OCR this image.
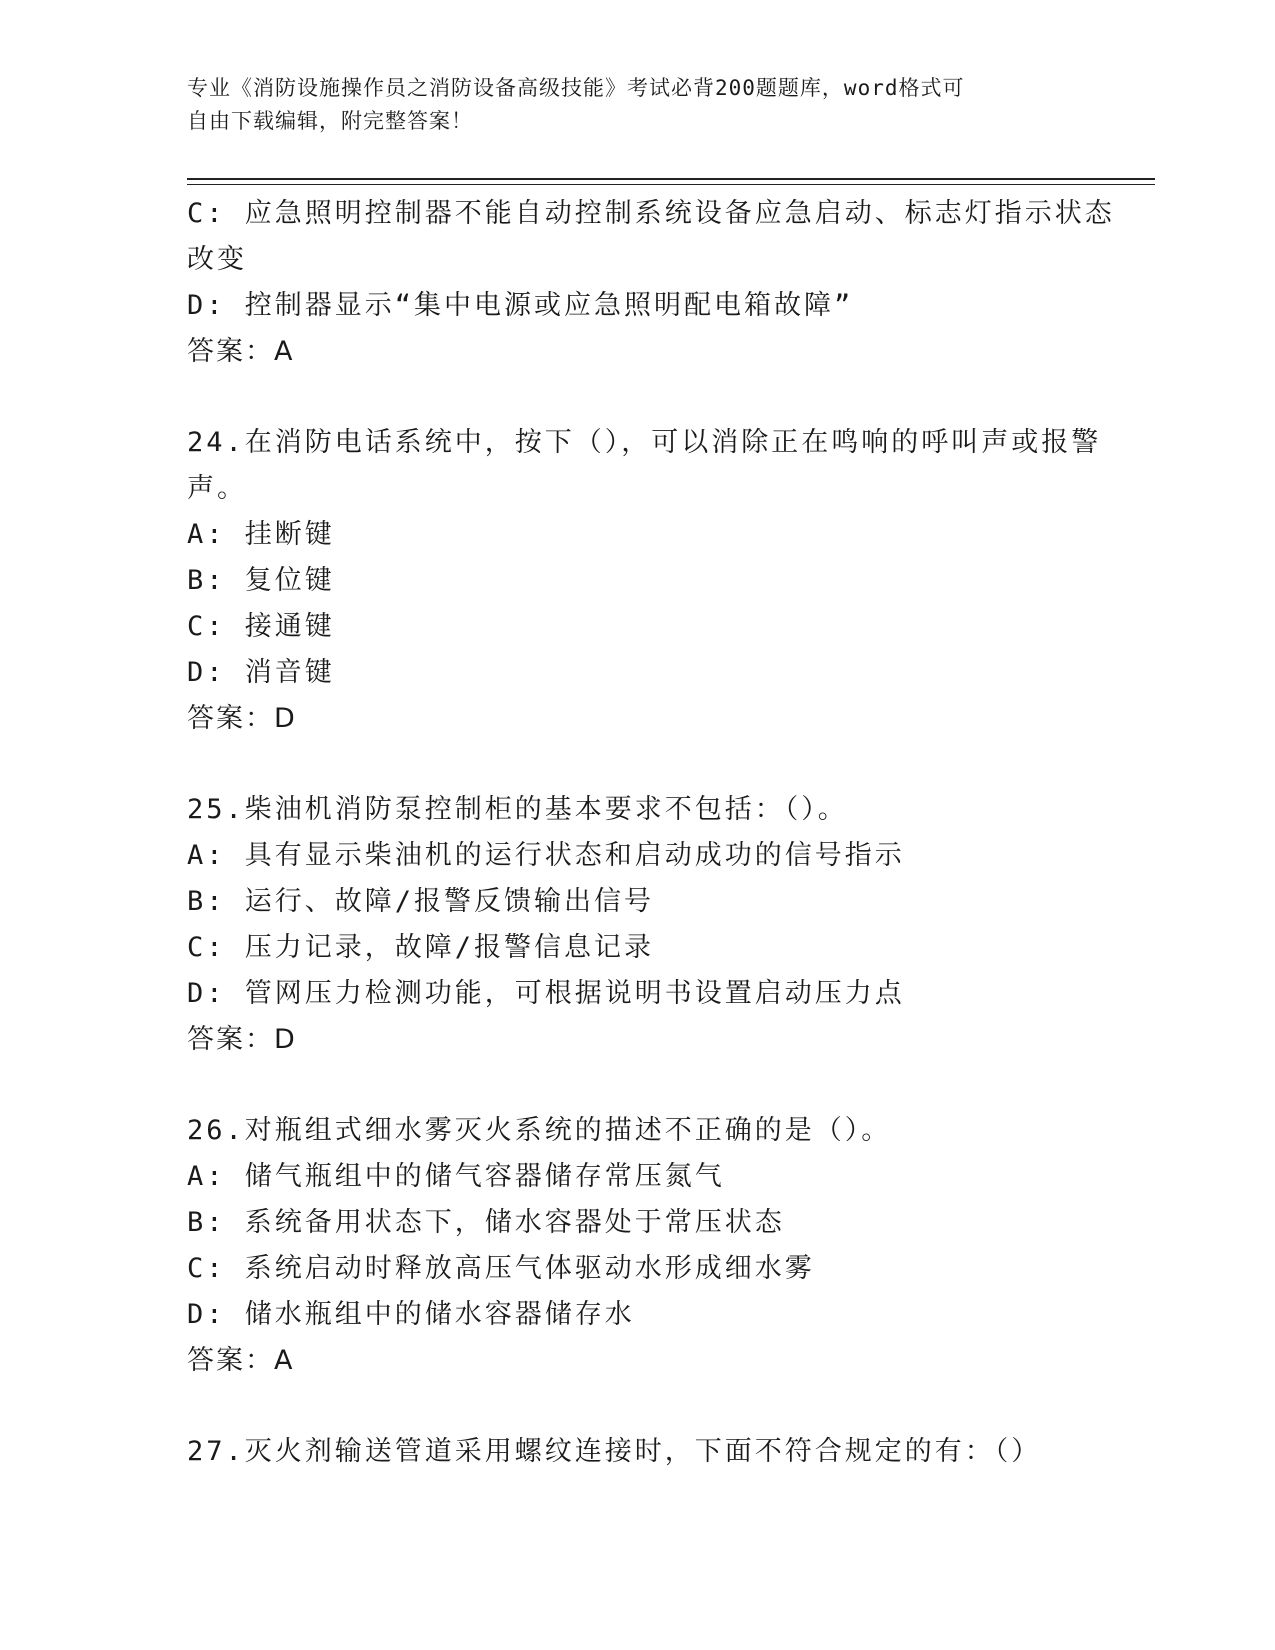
专业《消防设施操作员之消防设备高级技能》考试必背200题题库，word格式可
自由下载编辑，附完整答案！
C: 应急照明控制器不能自动控制系统设备应急启动、标志灯指示状态
改变
D: 控制器显示“集中电源或应急照明配电箱故障”
答案：A
24.在消防电话系统中，按下（），可以消除正在鸣响的呼叫声或报警
声。
A: 挂断键
B: 复位键
C: 接通键
D: 消音键
答案：D
25.柴油机消防泵控制柜的基本要求不包括：（）。
A: 具有显示柴油机的运行状态和启动成功的信号指示
B: 运行、故障/报警反馈输出信号
C: 压力记录，故障/报警信息记录
D: 管网压力检测功能，可根据说明书设置启动压力点
答案：D
26.对瓶组式细水雾灭火系统的描述不正确的是（）。
A: 储气瓶组中的储气容器储存常压氮气
B: 系统备用状态下，储水容器处于常压状态
C: 系统启动时释放高压气体驱动水形成细水雾
D: 储水瓶组中的储水容器储存水
答案：A
27.灭火剂输送管道采用螺纹连接时，下面不符合规定的有：（）
